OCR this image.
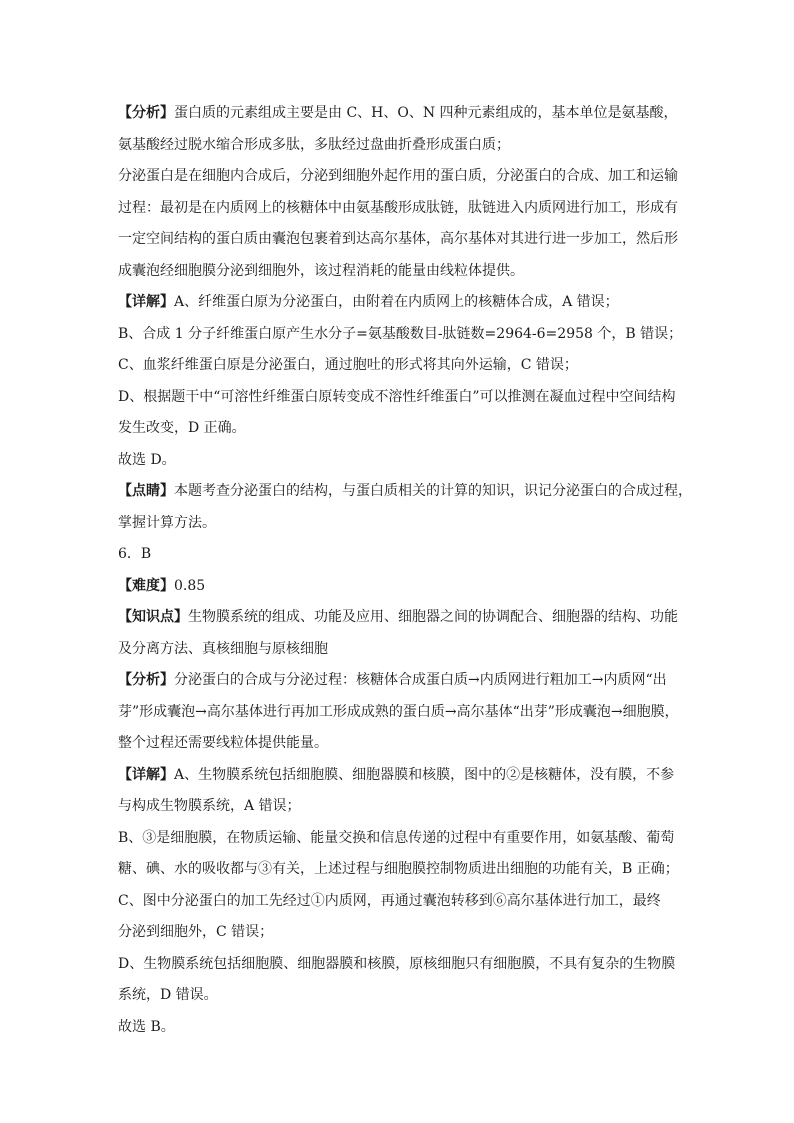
【分析】蛋白质的元素组成主要是由 C、H、O、N 四种元素组成的，基本单位是氨基酸，
氨基酸经过脱水缩合形成多肽，多肽经过盘曲折叠形成蛋白质；
分泌蛋白是在细胞内合成后，分泌到细胞外起作用的蛋白质，分泌蛋白的合成、加工和运输
过程：最初是在内质网上的核糖体中由氨基酸形成肽链，肽链进入内质网进行加工，形成有
一定空间结构的蛋白质由囊泡包裹着到达高尔基体，高尔基体对其进行进一步加工，然后形
成囊泡经细胞膜分泌到细胞外，该过程消耗的能量由线粒体提供。
【详解】A、纤维蛋白原为分泌蛋白，由附着在内质网上的核糖体合成，A 错误；
B、合成 1 分子纤维蛋白原产生水分子=氨基酸数目-肽链数=2964-6=2958 个，B 错误；
C、血浆纤维蛋白原是分泌蛋白，通过胞吐的形式将其向外运输，C 错误；
D、根据题干中“可溶性纤维蛋白原转变成不溶性纤维蛋白”可以推测在凝血过程中空间结构
发生改变，D 正确。
故选 D。
【点睛】本题考查分泌蛋白的结构，与蛋白质相关的计算的知识，识记分泌蛋白的合成过程，
掌握计算方法。
6．B
【难度】0.85
【知识点】生物膜系统的组成、功能及应用、细胞器之间的协调配合、细胞器的结构、功能
及分离方法、真核细胞与原核细胞
【分析】分泌蛋白的合成与分泌过程：核糖体合成蛋白质→内质网进行粗加工→内质网“出
芽”形成囊泡→高尔基体进行再加工形成成熟的蛋白质→高尔基体“出芽”形成囊泡→细胞膜，
整个过程还需要线粒体提供能量。
【详解】A、生物膜系统包括细胞膜、细胞器膜和核膜，图中的②是核糖体，没有膜，不参
与构成生物膜系统，A 错误；
B、③是细胞膜，在物质运输、能量交换和信息传递的过程中有重要作用，如氨基酸、葡萄
糖、碘、水的吸收都与③有关，上述过程与细胞膜控制物质进出细胞的功能有关，B 正确；
C、图中分泌蛋白的加工先经过①内质网，再通过囊泡转移到⑥高尔基体进行加工，最终
分泌到细胞外，C 错误；
D、生物膜系统包括细胞膜、细胞器膜和核膜，原核细胞只有细胞膜，不具有复杂的生物膜
系统，D 错误。
故选 B。
